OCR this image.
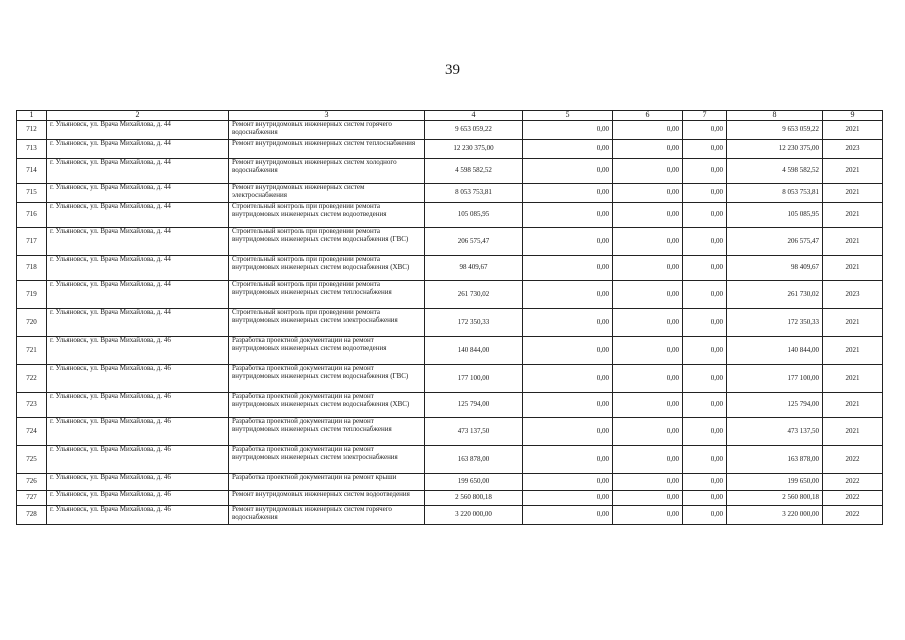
39
1	2	3	4	5	6	7	8	9
712	г. Ульяновск, ул. Врача Михайлова, д. 44	Ремонт внутридомовых инженерных систем горячего водоснабжения	9 653 059,22	0,00	0,00	0,00	9 653 059,22	2021
713	г. Ульяновск, ул. Врача Михайлова, д. 44	Ремонт внутридомовых инженерных систем теплоснабжения	12 230 375,00	0,00	0,00	0,00	12 230 375,00	2023
714	г. Ульяновск, ул. Врача Михайлова, д. 44	Ремонт внутридомовых инженерных систем холодного водоснабжения	4 598 582,52	0,00	0,00	0,00	4 598 582,52	2021
715	г. Ульяновск, ул. Врача Михайлова, д. 44	Ремонт внутридомовых инженерных систем электроснабжения	8 053 753,81	0,00	0,00	0,00	8 053 753,81	2021
716	г. Ульяновск, ул. Врача Михайлова, д. 44	Строительный контроль при проведении ремонта внутридомовых инженерных систем водоотведения	105 085,95	0,00	0,00	0,00	105 085,95	2021
717	г. Ульяновск, ул. Врача Михайлова, д. 44	Строительный контроль при проведении ремонта внутридомовых инженерных систем водоснабжения (ГВС)	206 575,47	0,00	0,00	0,00	206 575,47	2021
718	г. Ульяновск, ул. Врача Михайлова, д. 44	Строительный контроль при проведении ремонта внутридомовых инженерных систем водоснабжения (ХВС)	98 409,67	0,00	0,00	0,00	98 409,67	2021
719	г. Ульяновск, ул. Врача Михайлова, д. 44	Строительный контроль при проведении ремонта внутридомовых инженерных систем теплоснабжения	261 730,02	0,00	0,00	0,00	261 730,02	2023
720	г. Ульяновск, ул. Врача Михайлова, д. 44	Строительный контроль при проведении ремонта внутридомовых инженерных систем электроснабжения	172 350,33	0,00	0,00	0,00	172 350,33	2021
721	г. Ульяновск, ул. Врача Михайлова, д. 46	Разработка проектной документации на ремонт внутридомовых инженерных систем водоотведения	140 844,00	0,00	0,00	0,00	140 844,00	2021
722	г. Ульяновск, ул. Врача Михайлова, д. 46	Разработка проектной документации на ремонт внутридомовых инженерных систем водоснабжения (ГВС)	177 100,00	0,00	0,00	0,00	177 100,00	2021
723	г. Ульяновск, ул. Врача Михайлова, д. 46	Разработка проектной документации на ремонт внутридомовых инженерных систем водоснабжения (ХВС)	125 794,00	0,00	0,00	0,00	125 794,00	2021
724	г. Ульяновск, ул. Врача Михайлова, д. 46	Разработка проектной документации на ремонт внутридомовых инженерных систем теплоснабжения	473 137,50	0,00	0,00	0,00	473 137,50	2021
725	г. Ульяновск, ул. Врача Михайлова, д. 46	Разработка проектной документации на ремонт внутридомовых инженерных систем электроснабжения	163 878,00	0,00	0,00	0,00	163 878,00	2022
726	г. Ульяновск, ул. Врача Михайлова, д. 46	Разработка проектной документации на ремонт крыши	199 650,00	0,00	0,00	0,00	199 650,00	2022
727	г. Ульяновск, ул. Врача Михайлова, д. 46	Ремонт внутридомовых инженерных систем водоотведения	2 560 800,18	0,00	0,00	0,00	2 560 800,18	2022
728	г. Ульяновск, ул. Врача Михайлова, д. 46	Ремонт внутридомовых инженерных систем горячего водоснабжения	3 220 000,00	0,00	0,00	0,00	3 220 000,00	2022
